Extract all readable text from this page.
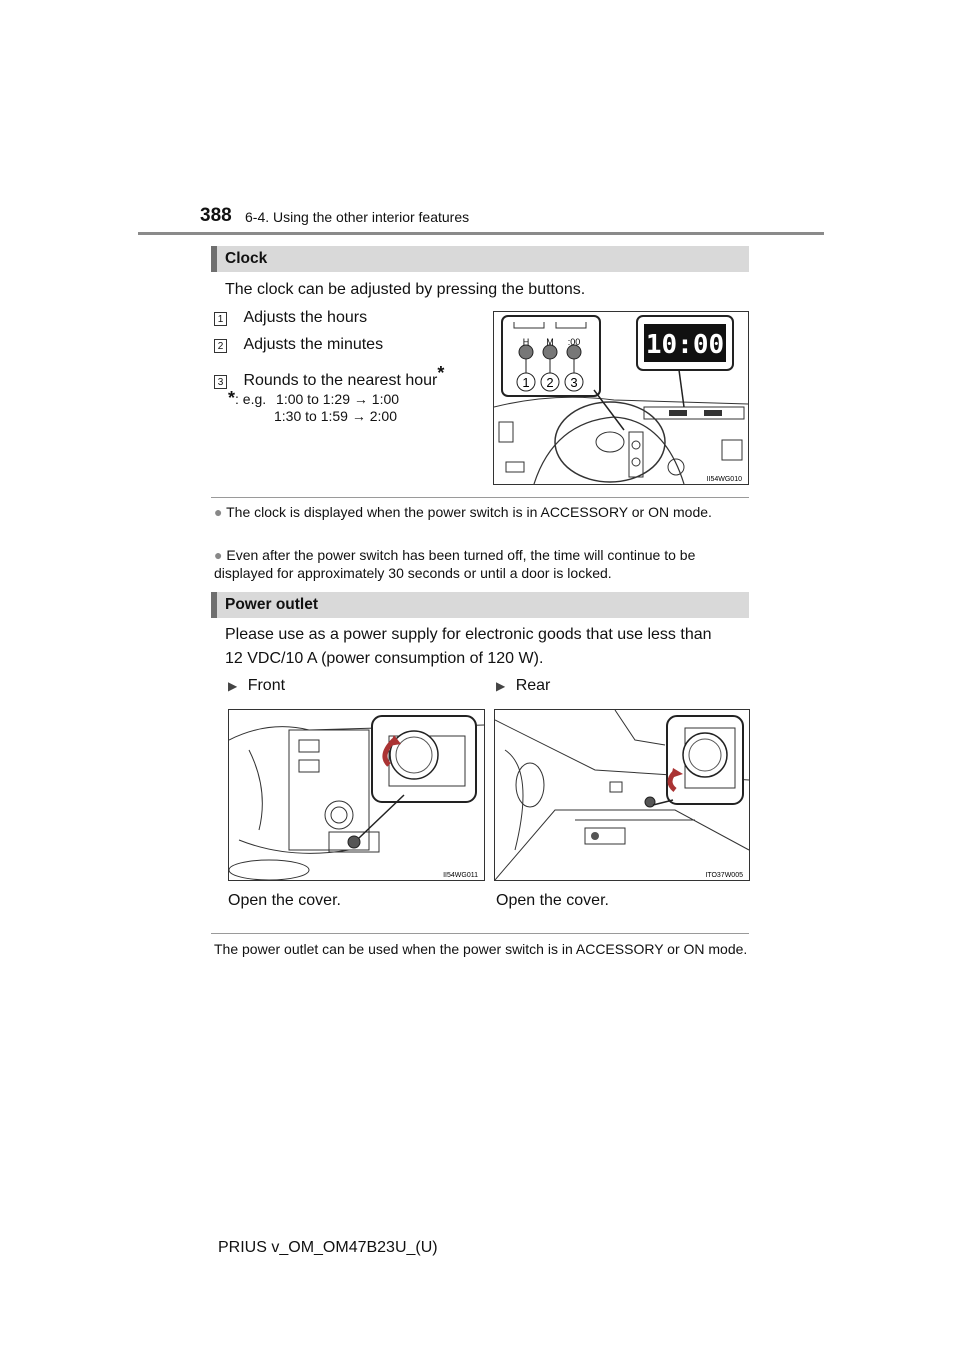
388 6-4. Using the other interior features
Clock
The clock can be adjusted by pressing the buttons.
1 Adjusts the hours
2 Adjusts the minutes
3 Rounds to the nearest hour*
*: e.g. 1:00 to 1:29 → 1:00
1:30 to 1:59 → 2:00
H M :00
1 2 3
10:00
II54WG010
● The clock is displayed when the power switch is in ACCESSORY or ON mode.
● Even after the power switch has been turned off, the time will continue to be displayed for approximately 30 seconds or until a door is locked.
Power outlet
Please use as a power supply for electronic goods that use less than
12 VDC/10 A (power consumption of 120 W).
▶ Front	▶ Rear
II54WG011	ITO37W005
Open the cover.	Open the cover.
The power outlet can be used when the power switch is in ACCESSORY or ON mode.
PRIUS v_OM_OM47B23U_(U)
